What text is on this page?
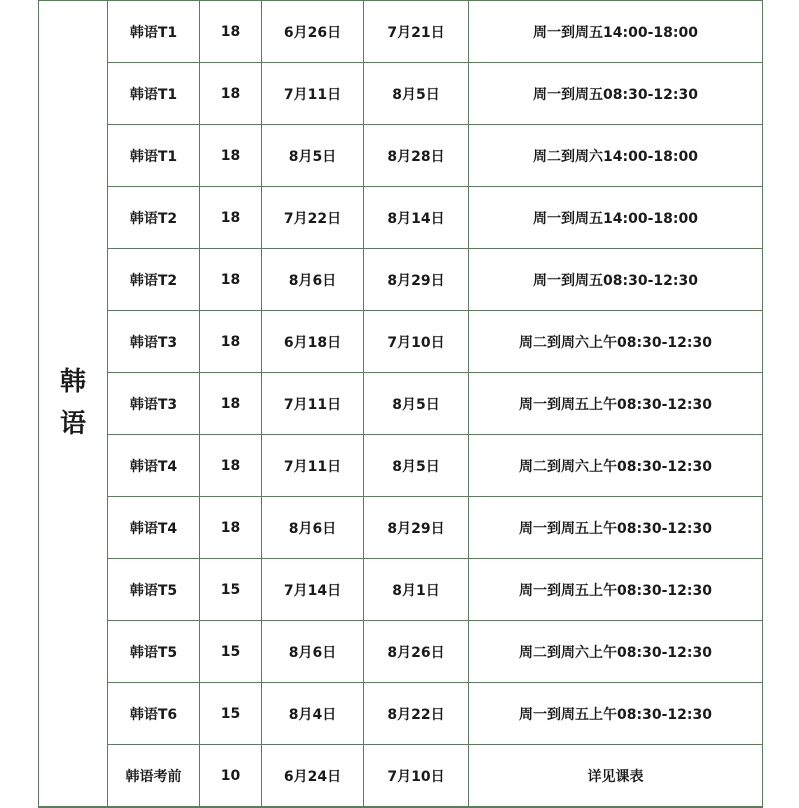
韩
语	韩语T1	18	6月26日	7月21日	周一到周五14:00-18:00
	韩语T1	18	7月11日	8月5日	周一到周五08:30-12:30
	韩语T1	18	8月5日	8月28日	周二到周六14:00-18:00
	韩语T2	18	7月22日	8月14日	周一到周五14:00-18:00
	韩语T2	18	8月6日	8月29日	周一到周五08:30-12:30
	韩语T3	18	6月18日	7月10日	周二到周六上午08:30-12:30
	韩语T3	18	7月11日	8月5日	周一到周五上午08:30-12:30
	韩语T4	18	7月11日	8月5日	周二到周六上午08:30-12:30
	韩语T4	18	8月6日	8月29日	周一到周五上午08:30-12:30
	韩语T5	15	7月14日	8月1日	周一到周五上午08:30-12:30
	韩语T5	15	8月6日	8月26日	周二到周六上午08:30-12:30
	韩语T6	15	8月4日	8月22日	周一到周五上午08:30-12:30
	韩语考前	10	6月24日	7月10日	详见课表
